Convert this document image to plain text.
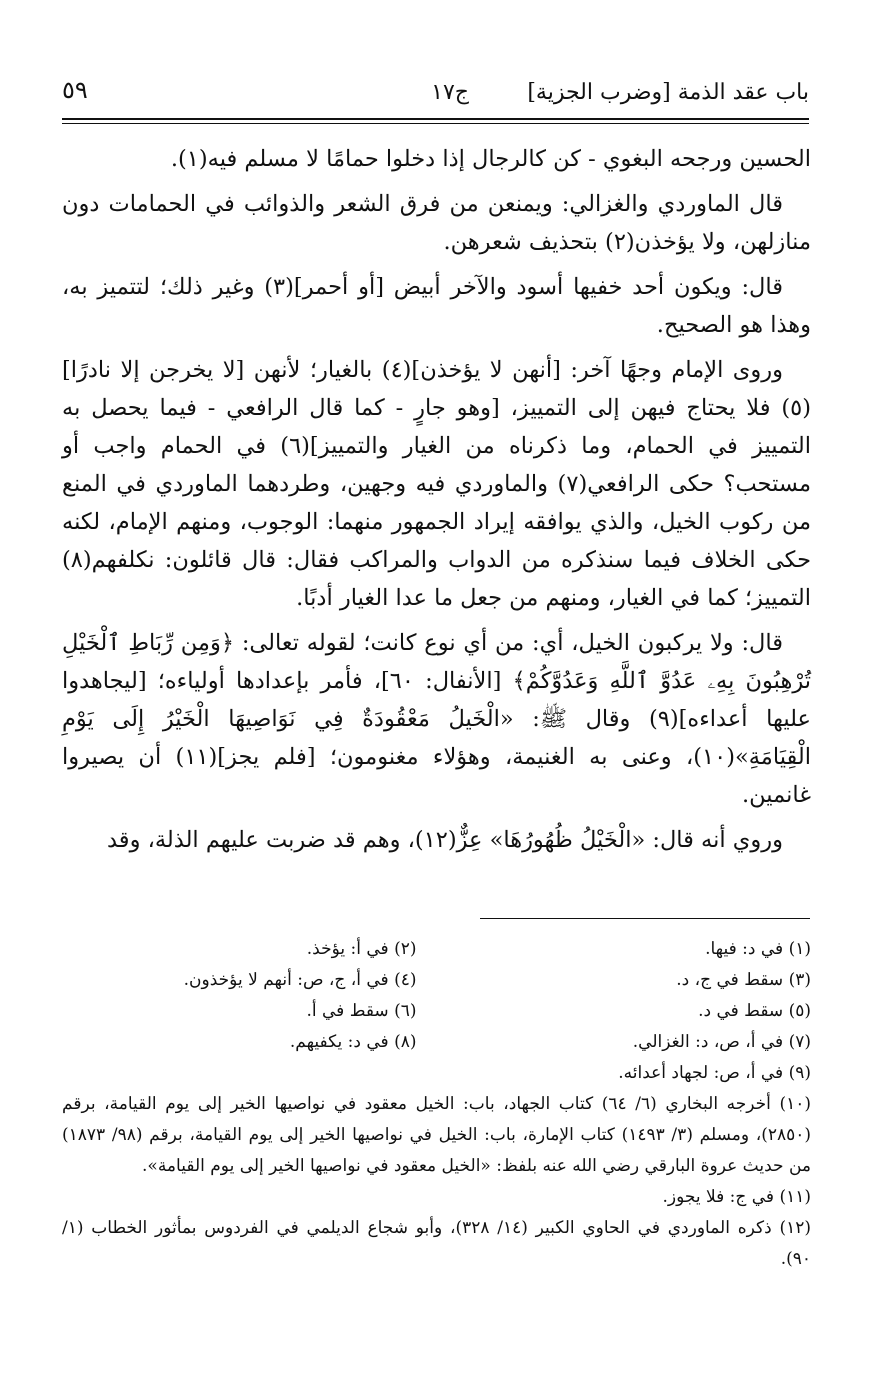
باب عقد الذمة [وضرب الجزية]
ج١٧
٥٩

الحسين ورجحه البغوي - كن كالرجال إذا دخلوا حمامًا لا مسلم فيه(١).

قال الماوردي والغزالي: ويمنعن من فرق الشعر والذوائب في الحمامات دون منازلهن، ولا يؤخذن(٢) بتحذيف شعرهن.

قال: ويكون أحد خفيها أسود والآخر أبيض [أو أحمر](٣) وغير ذلك؛ لتتميز به، وهذا هو الصحيح.

وروى الإمام وجهًا آخر: [أنهن لا يؤخذن](٤) بالغيار؛ لأنهن [لا يخرجن إلا نادرًا](٥) فلا يحتاج فيهن إلى التمييز، [وهو جارٍ - كما قال الرافعي - فيما يحصل به التمييز في الحمام، وما ذكرناه من الغيار والتمييز](٦) في الحمام واجب أو مستحب؟ حكى الرافعي(٧) والماوردي فيه وجهين، وطردهما الماوردي في المنع من ركوب الخيل، والذي يوافقه إيراد الجمهور منهما: الوجوب، ومنهم الإمام، لكنه حكى الخلاف فيما سنذكره من الدواب والمراكب فقال: قال قائلون: نكلفهم(٨) التمييز؛ كما في الغيار، ومنهم من جعل ما عدا الغيار أدبًا.

قال: ولا يركبون الخيل، أي: من أي نوع كانت؛ لقوله تعالى: ﴿وَمِن رِّبَاطِ ٱلْخَيْلِ تُرْهِبُونَ بِهِۦ عَدُوَّ ٱللَّهِ وَعَدُوَّكُمْ﴾ [الأنفال: ٦٠]، فأمر بإعدادها أولياءه؛ [ليجاهدوا عليها أعداءه](٩) وقال ﷺ: «الْخَيلُ مَعْقُودَةٌ فِي نَوَاصِيهَا الْخَيْرُ إِلَى يَوْمِ الْقِيَامَةِ»(١٠)، وعنى به الغنيمة، وهؤلاء مغنومون؛ [فلم يجز](١١) أن يصيروا غانمين.

وروي أنه قال: «الْخَيْلُ ظُهُورُهَا» عِزٌّ(١٢)، وهم قد ضربت عليهم الذلة، وقد

(١) في د: فيها.
(٢) في أ: يؤخذ.
(٣) سقط في ج، د.
(٤) في أ، ج، ص: أنهم لا يؤخذون.
(٥) سقط في د.
(٦) سقط في أ.
(٧) في أ، ص، د: الغزالي.
(٨) في د: يكفيهم.

(٩) في أ، ص: لجهاد أعدائه.

(١٠) أخرجه البخاري (٦/ ٦٤) كتاب الجهاد، باب: الخيل معقود في نواصيها الخير إلى يوم القيامة، برقم (٢٨٥٠)، ومسلم (٣/ ١٤٩٣) كتاب الإمارة، باب: الخيل في نواصيها الخير إلى يوم القيامة، برقم (٩٨/ ١٨٧٣) من حديث عروة البارقي رضي الله عنه بلفظ: «الخيل معقود في نواصيها الخير إلى يوم القيامة».

(١١) في ج: فلا يجوز.

(١٢) ذكره الماوردي في الحاوي الكبير (١٤/ ٣٢٨)، وأبو شجاع الديلمي في الفردوس بمأثور الخطاب (١/ ٩٠).
